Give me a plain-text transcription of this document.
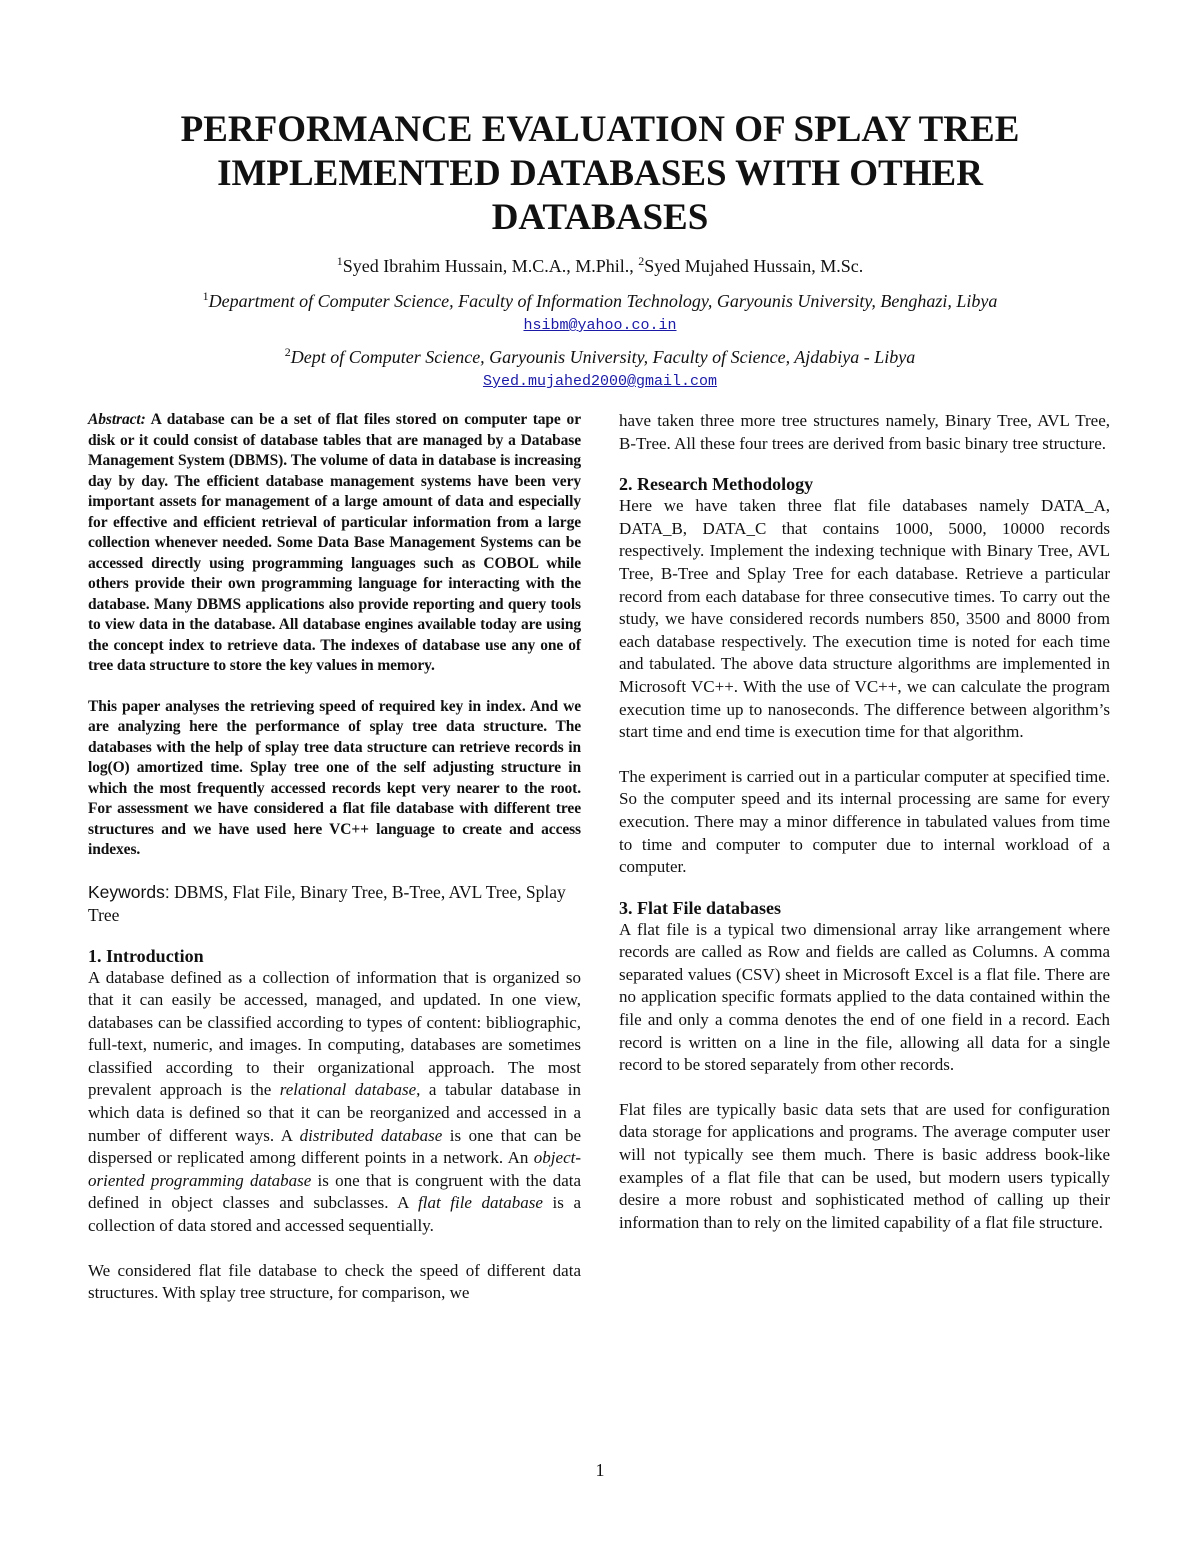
PERFORMANCE EVALUATION OF SPLAY TREE
IMPLEMENTED DATABASES WITH OTHER
DATABASES
$^1$Syed Ibrahim Hussain, M.C.A., M.Phil., $^2$Syed Mujahed Hussain, M.Sc.
$^1$Department of Computer Science, Faculty of Information Technology, Garyounis University, Benghazi, Libya
hsibm@yahoo.co.in
$^2$Dept of Computer Science, Garyounis University, Faculty of Science, Ajdabiya - Libya
Syed.mujahed2000@gmail.com

Abstract: A database can be a set of flat files stored on computer tape or disk or it could consist of database tables that are managed by a Database Management System (DBMS). The volume of data in database is increasing day by day. The efficient database management systems have been very important assets for management of a large amount of data and especially for effective and efficient retrieval of particular information from a large collection whenever needed. Some Data Base Management Systems can be accessed directly using programming languages such as COBOL while others provide their own programming language for interacting with the database. Many DBMS applications also provide reporting and query tools to view data in the database. All database engines available today are using the concept index to retrieve data. The indexes of database use any one of tree data structure to store the key values in memory.

This paper analyses the retrieving speed of required key in index. And we are analyzing here the performance of splay tree data structure. The databases with the help of splay tree data structure can retrieve records in log(O) amortized time. Splay tree one of the self adjusting structure in which the most frequently accessed records kept very nearer to the root. For assessment we have considered a flat file database with different tree structures and we have used here VC++ language to create and access indexes.

Keywords: DBMS, Flat File, Binary Tree, B-Tree, AVL Tree, Splay Tree

1. Introduction

A database defined as a collection of information that is organized so that it can easily be accessed, managed, and updated. In one view, databases can be classified according to types of content: bibliographic, full-text, numeric, and images. In computing, databases are sometimes classified according to their organizational approach. The most prevalent approach is the relational database, a tabular database in which data is defined so that it can be reorganized and accessed in a number of different ways. A distributed database is one that can be dispersed or replicated among different points in a network. An object-oriented programming database is one that is congruent with the data defined in object classes and subclasses. A flat file database is a collection of data stored and accessed sequentially.

We considered flat file database to check the speed of different data structures. With splay tree structure, for comparison, we

have taken three more tree structures namely, Binary Tree, AVL Tree, B-Tree. All these four trees are derived from basic binary tree structure.

2. Research Methodology

Here we have taken three flat file databases namely DATA_A, DATA_B, DATA_C that contains 1000, 5000, 10000 records respectively. Implement the indexing technique with Binary Tree, AVL Tree, B-Tree and Splay Tree for each database. Retrieve a particular record from each database for three consecutive times. To carry out the study, we have considered records numbers 850, 3500 and 8000 from each database respectively. The execution time is noted for each time and tabulated. The above data structure algorithms are implemented in Microsoft VC++. With the use of VC++, we can calculate the program execution time up to nanoseconds. The difference between algorithm’s start time and end time is execution time for that algorithm.

The experiment is carried out in a particular computer at specified time. So the computer speed and its internal processing are same for every execution. There may a minor difference in tabulated values from time to time and computer to computer due to internal workload of a computer.

3. Flat File databases

A flat file is a typical two dimensional array like arrangement where records are called as Row and fields are called as Columns. A comma separated values (CSV) sheet in Microsoft Excel is a flat file. There are no application specific formats applied to the data contained within the file and only a comma denotes the end of one field in a record. Each record is written on a line in the file, allowing all data for a single record to be stored separately from other records.

Flat files are typically basic data sets that are used for configuration data storage for applications and programs. The average computer user will not typically see them much. There is basic address book-like examples of a flat file that can be used, but modern users typically desire a more robust and sophisticated method of calling up their information than to rely on the limited capability of a flat file structure.

1
